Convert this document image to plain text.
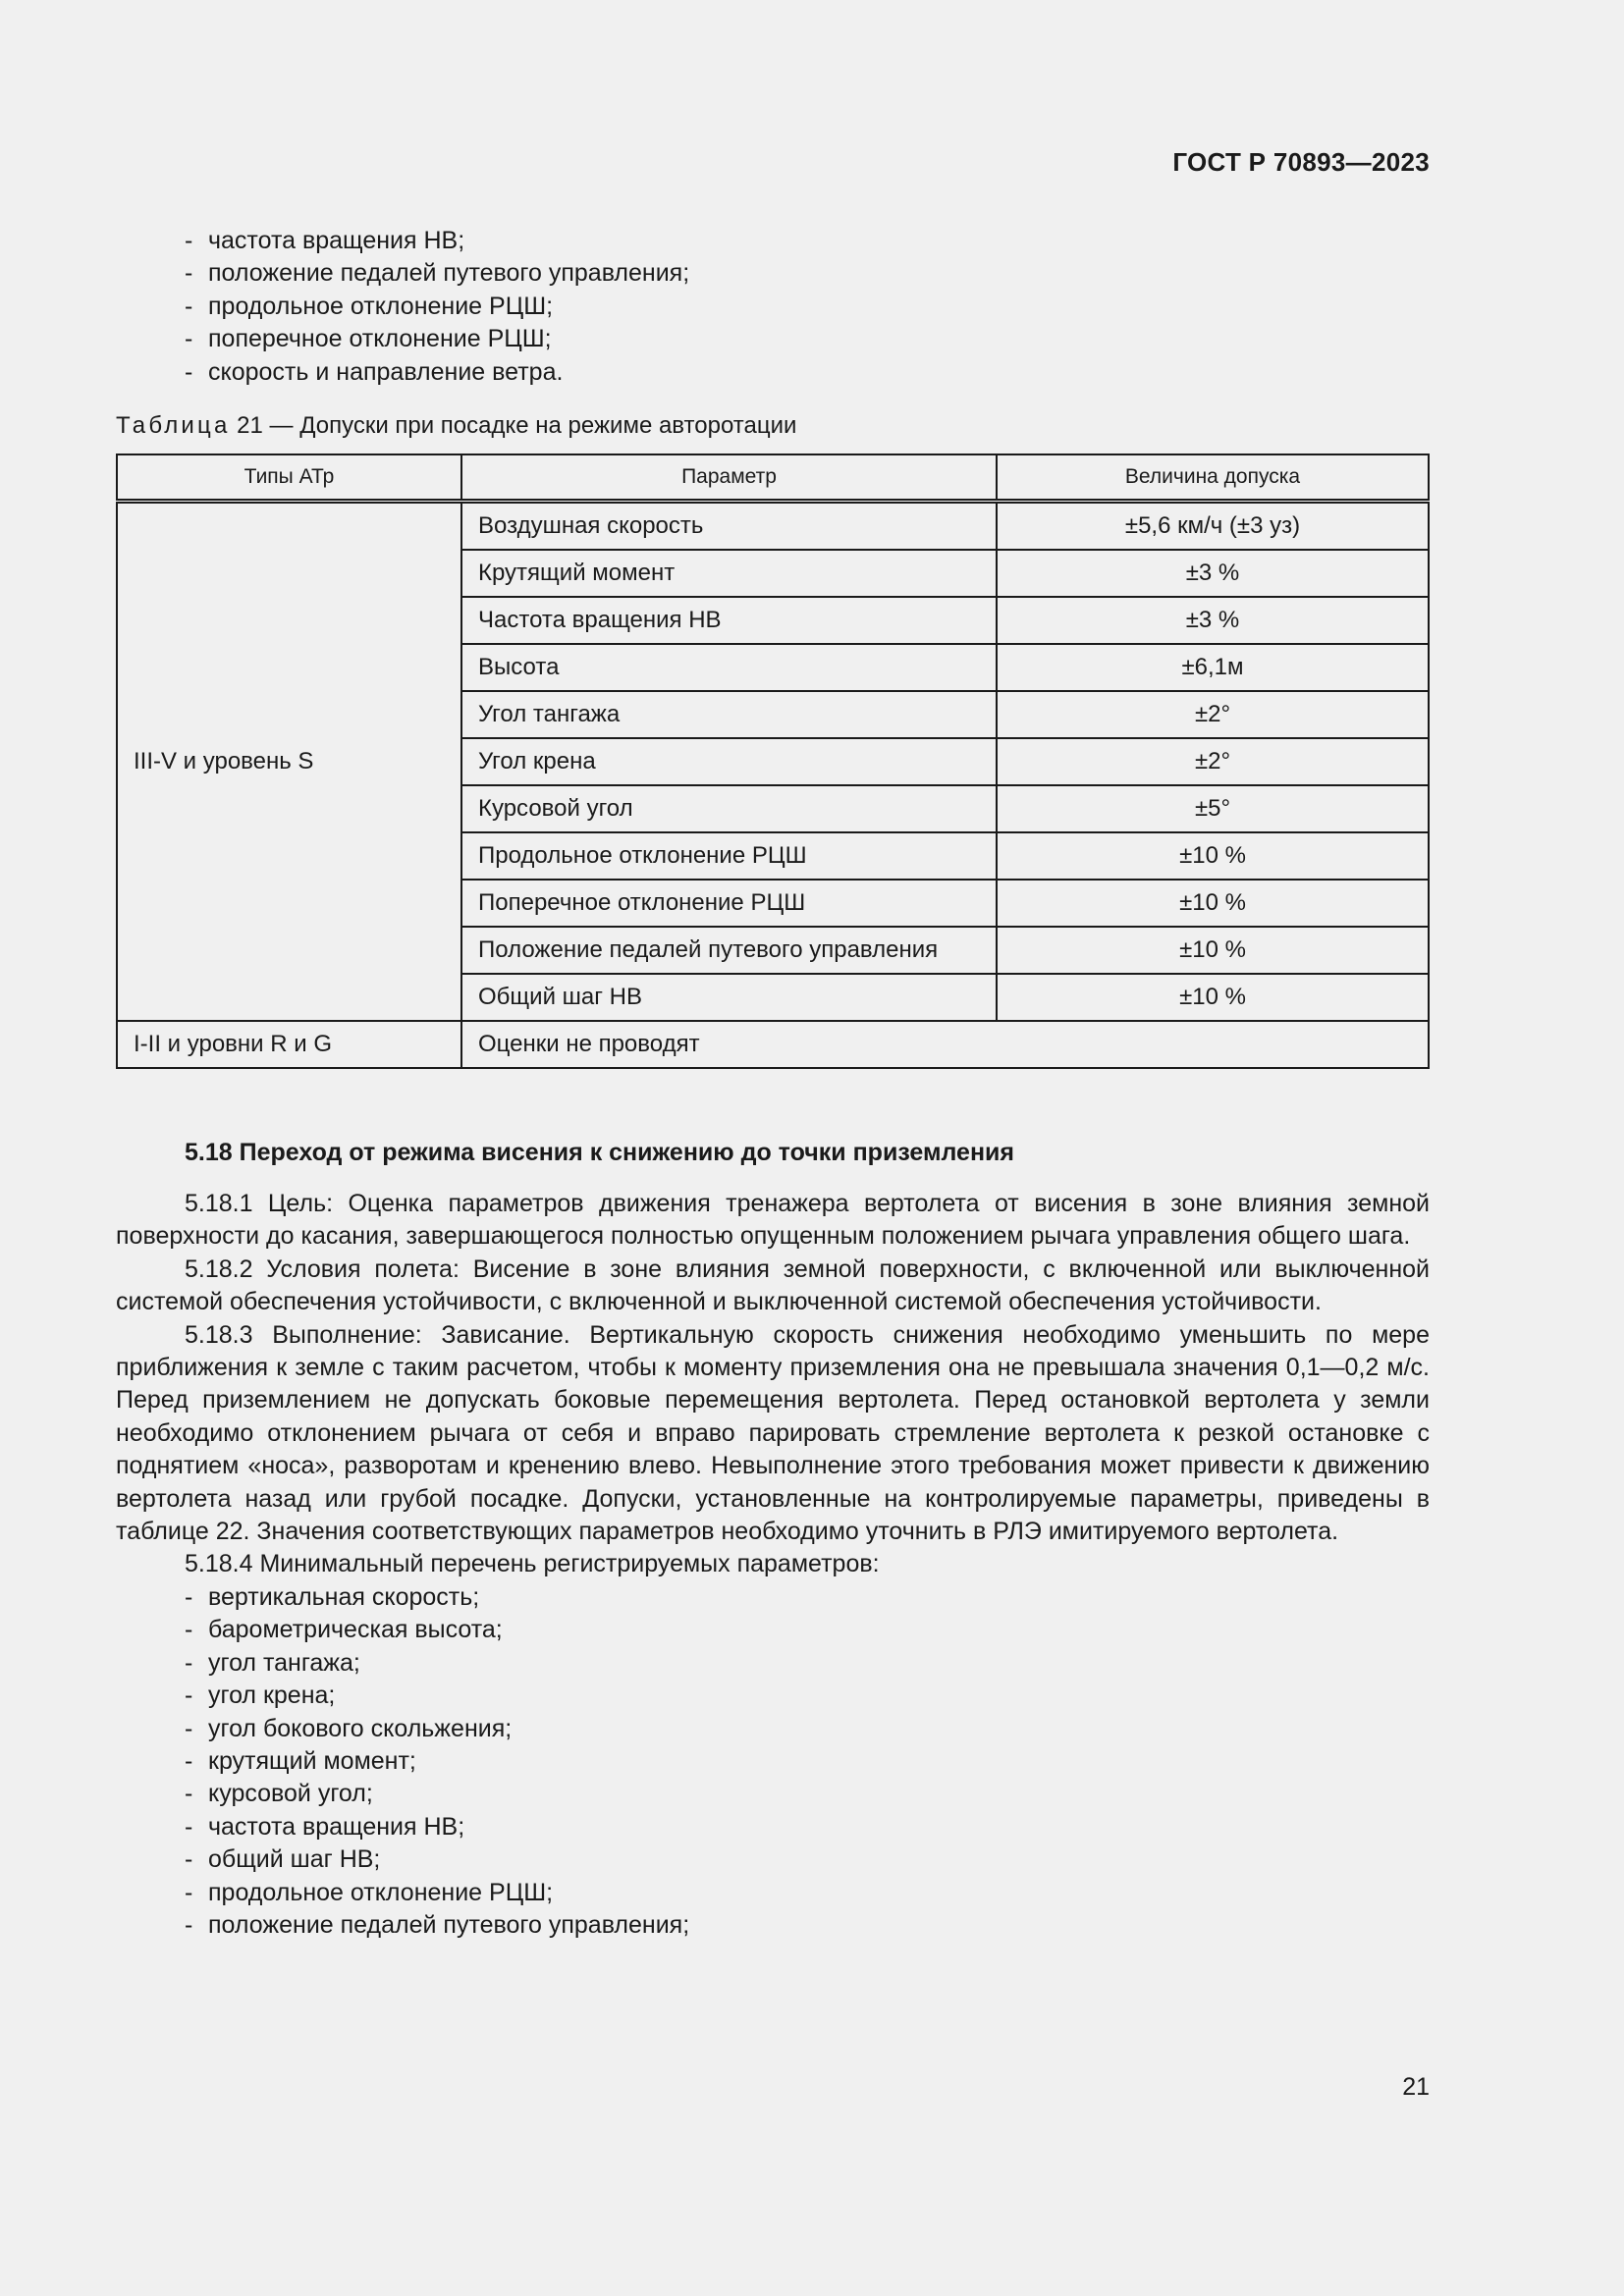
ГОСТ Р 70893—2023
- частота вращения НВ;
- положение педалей путевого управления;
- продольное отклонение РЦШ;
- поперечное отклонение РЦШ;
- скорость и направление ветра.
Таблица 21 — Допуски при посадке на режиме авторотации
Типы АТр	Параметр	Величина допуска
III-V и уровень S	Воздушная скорость	±5,6 км/ч (±3 уз)
	Крутящий момент	±3 %
	Частота вращения НВ	±3 %
	Высота	±6,1м
	Угол тангажа	±2°
	Угол крена	±2°
	Курсовой угол	±5°
	Продольное отклонение РЦШ	±10 %
	Поперечное отклонение РЦШ	±10 %
	Положение педалей путевого управления	±10 %
	Общий шаг НВ	±10 %
I-II и уровни R и G	Оценки не проводят	
5.18 Переход от режима висения к снижению до точки приземления

5.18.1 Цель: Оценка параметров движения тренажера вертолета от висения в зоне влияния земной поверхности до касания, завершающегося полностью опущенным положением рычага управления общего шага.

5.18.2 Условия полета: Висение в зоне влияния земной поверхности, с включенной или выключенной системой обеспечения устойчивости, с включенной и выключенной системой обеспечения устойчивости.

5.18.3 Выполнение: Зависание. Вертикальную скорость снижения необходимо уменьшить по мере приближения к земле с таким расчетом, чтобы к моменту приземления она не превышала значения 0,1—0,2 м/с. Перед приземлением не допускать боковые перемещения вертолета. Перед остановкой вертолета у земли необходимо отклонением рычага от себя и вправо парировать стремление вертолета к резкой остановке с поднятием «носа», разворотам и кренению влево. Невыполнение этого требования может привести к движению вертолета назад или грубой посадке. Допуски, установленные на контролируемые параметры, приведены в таблице 22. Значения соответствующих параметров необходимо уточнить в РЛЭ имитируемого вертолета.

5.18.4 Минимальный перечень регистрируемых параметров:

- вертикальная скорость;
- барометрическая высота;
- угол тангажа;
- угол крена;
- угол бокового скольжения;
- крутящий момент;
- курсовой угол;
- частота вращения НВ;
- общий шаг НВ;
- продольное отклонение РЦШ;
- положение педалей путевого управления;
21
